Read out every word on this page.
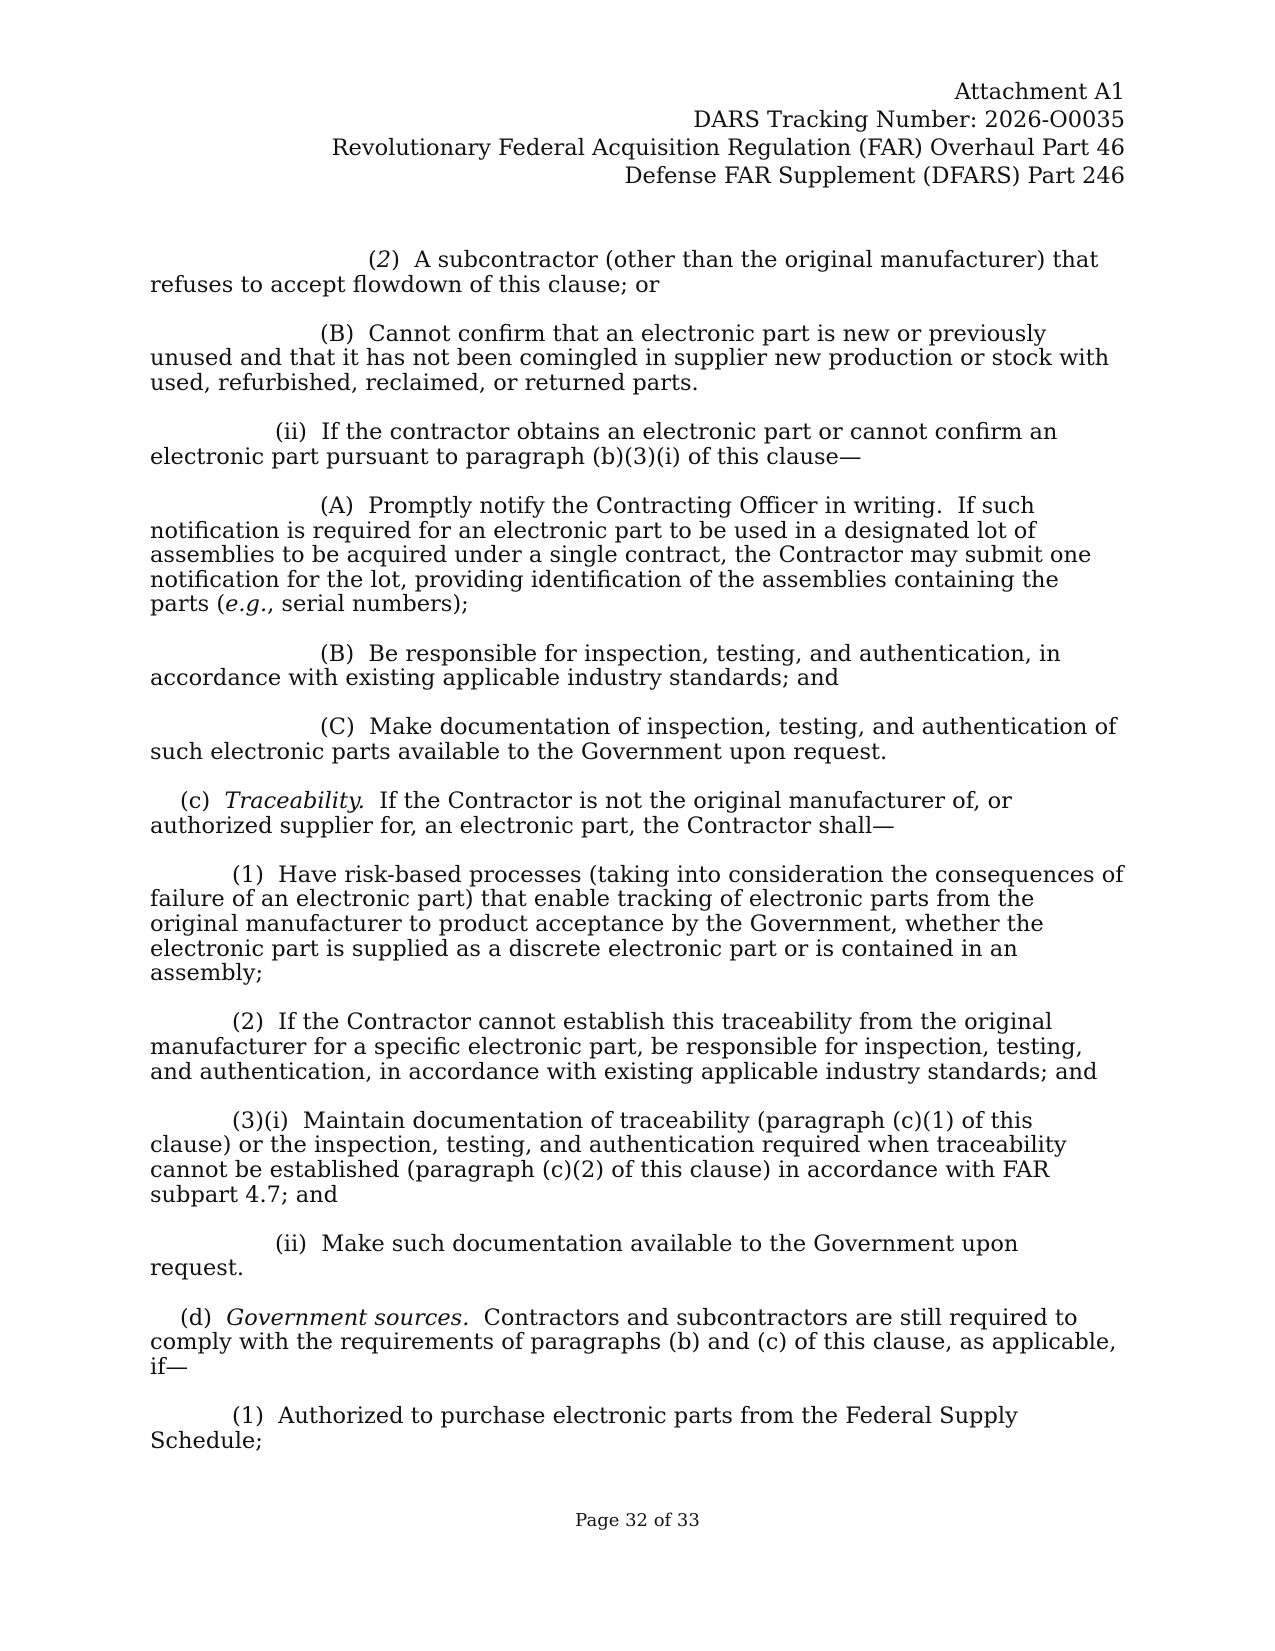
Attachment A1
DARS Tracking Number: 2026-O0035
Revolutionary Federal Acquisition Regulation (FAR) Overhaul Part 46
Defense FAR Supplement (DFARS) Part 246
(2)  A subcontractor (other than the original manufacturer) that
refuses to accept flowdown of this clause; or
(B)  Cannot confirm that an electronic part is new or previously
unused and that it has not been comingled in supplier new production or stock with
used, refurbished, reclaimed, or returned parts.
(ii)  If the contractor obtains an electronic part or cannot confirm an
electronic part pursuant to paragraph (b)(3)(i) of this clause—
(A)  Promptly notify the Contracting Officer in writing.  If such
notification is required for an electronic part to be used in a designated lot of
assemblies to be acquired under a single contract, the Contractor may submit one
notification for the lot, providing identification of the assemblies containing the
parts (e.g., serial numbers);
(B)  Be responsible for inspection, testing, and authentication, in
accordance with existing applicable industry standards; and
(C)  Make documentation of inspection, testing, and authentication of
such electronic parts available to the Government upon request.
(c)  Traceability.  If the Contractor is not the original manufacturer of, or
authorized supplier for, an electronic part, the Contractor shall—
(1)  Have risk-based processes (taking into consideration the consequences of
failure of an electronic part) that enable tracking of electronic parts from the
original manufacturer to product acceptance by the Government, whether the
electronic part is supplied as a discrete electronic part or is contained in an
assembly;
(2)  If the Contractor cannot establish this traceability from the original
manufacturer for a specific electronic part, be responsible for inspection, testing,
and authentication, in accordance with existing applicable industry standards; and
(3)(i)  Maintain documentation of traceability (paragraph (c)(1) of this
clause) or the inspection, testing, and authentication required when traceability
cannot be established (paragraph (c)(2) of this clause) in accordance with FAR
subpart 4.7; and
(ii)  Make such documentation available to the Government upon
request.
(d)  Government sources.  Contractors and subcontractors are still required to
comply with the requirements of paragraphs (b) and (c) of this clause, as applicable,
if—
(1)  Authorized to purchase electronic parts from the Federal Supply
Schedule;
Page 32 of 33
